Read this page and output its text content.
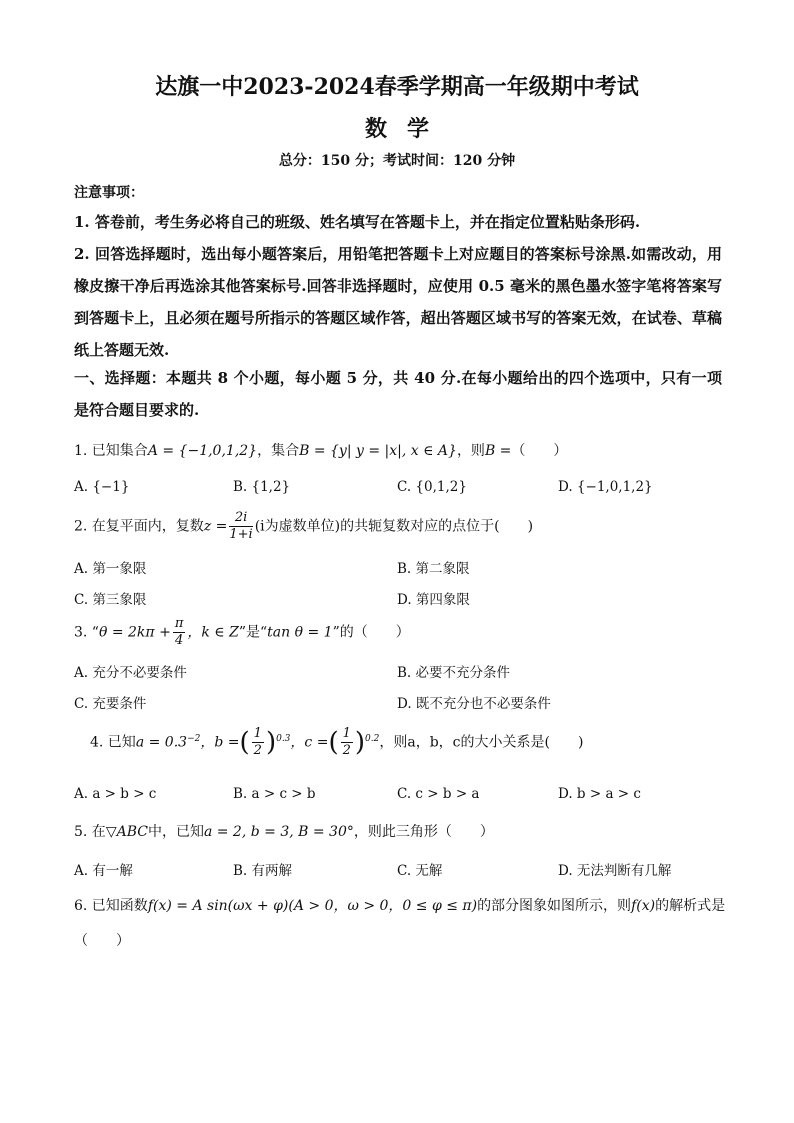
达旗一中2023-2024春季学期高一年级期中考试
数学
总分：150 分；考试时间：120 分钟
注意事项：
1. 答卷前，考生务必将自己的班级、姓名填写在答题卡上，并在指定位置粘贴条形码.
2. 回答选择题时，选出每小题答案后，用铅笔把答题卡上对应题目的答案标号涂黑.如需改动，用橡皮擦干净后再选涂其他答案标号.回答非选择题时，应使用 0.5 毫米的黑色墨水签字笔将答案写到答题卡上，且必须在题号所指示的答题区域作答，超出答题区域书写的答案无效，在试卷、草稿纸上答题无效.
一、选择题：本题共 8 个小题，每小题 5 分，共 40 分.在每小题给出的四个选项中，只有一项是符合题目要求的.
1. 已知集合A = {−1,0,1,2}，集合B = {y| y = |x|, x ∈ A}，则B =（　　）
A. {−1}	B. {1,2}	C. {0,1,2}	D. {−1,0,1,2}
2. 在复平面内，复数$z = \frac{2i}{1+i} (i$为虚数单位)的共轭复数对应的点位于(　　)
A. 第一象限	B. 第二象限
C. 第三象限	D. 第四象限
3. “$\theta = 2k\pi + \frac{\pi}{4}$ ，k ∈ Z”是“tan θ = 1”的（　　）
A. 充分不必要条件	B. 必要不充分条件
C. 充要条件	D. 既不充分也不必要条件
4. 已知$a = 0.3^{-2}$，b =( $\frac{1}{2} )^{0.3}$，c =( $\frac{1}{2} )^{0.2}$，则a，b，c的大小关系是(　　)
A. a > b > c	B. a > c > b	C. c > b > a	D. b > a > c
5. 在▽ABC中，已知a = 2, b = 3, B = 30°，则此三角形（　　）
A. 有一解	B. 有两解	C. 无解	D. 无法判断有几解
6. 已知函数f(x) = A sin(ωx + φ)(A > 0，ω > 0，0 ≤ φ ≤ π)的部分图象如图所示，则f(x)的解析式是
（　　）
